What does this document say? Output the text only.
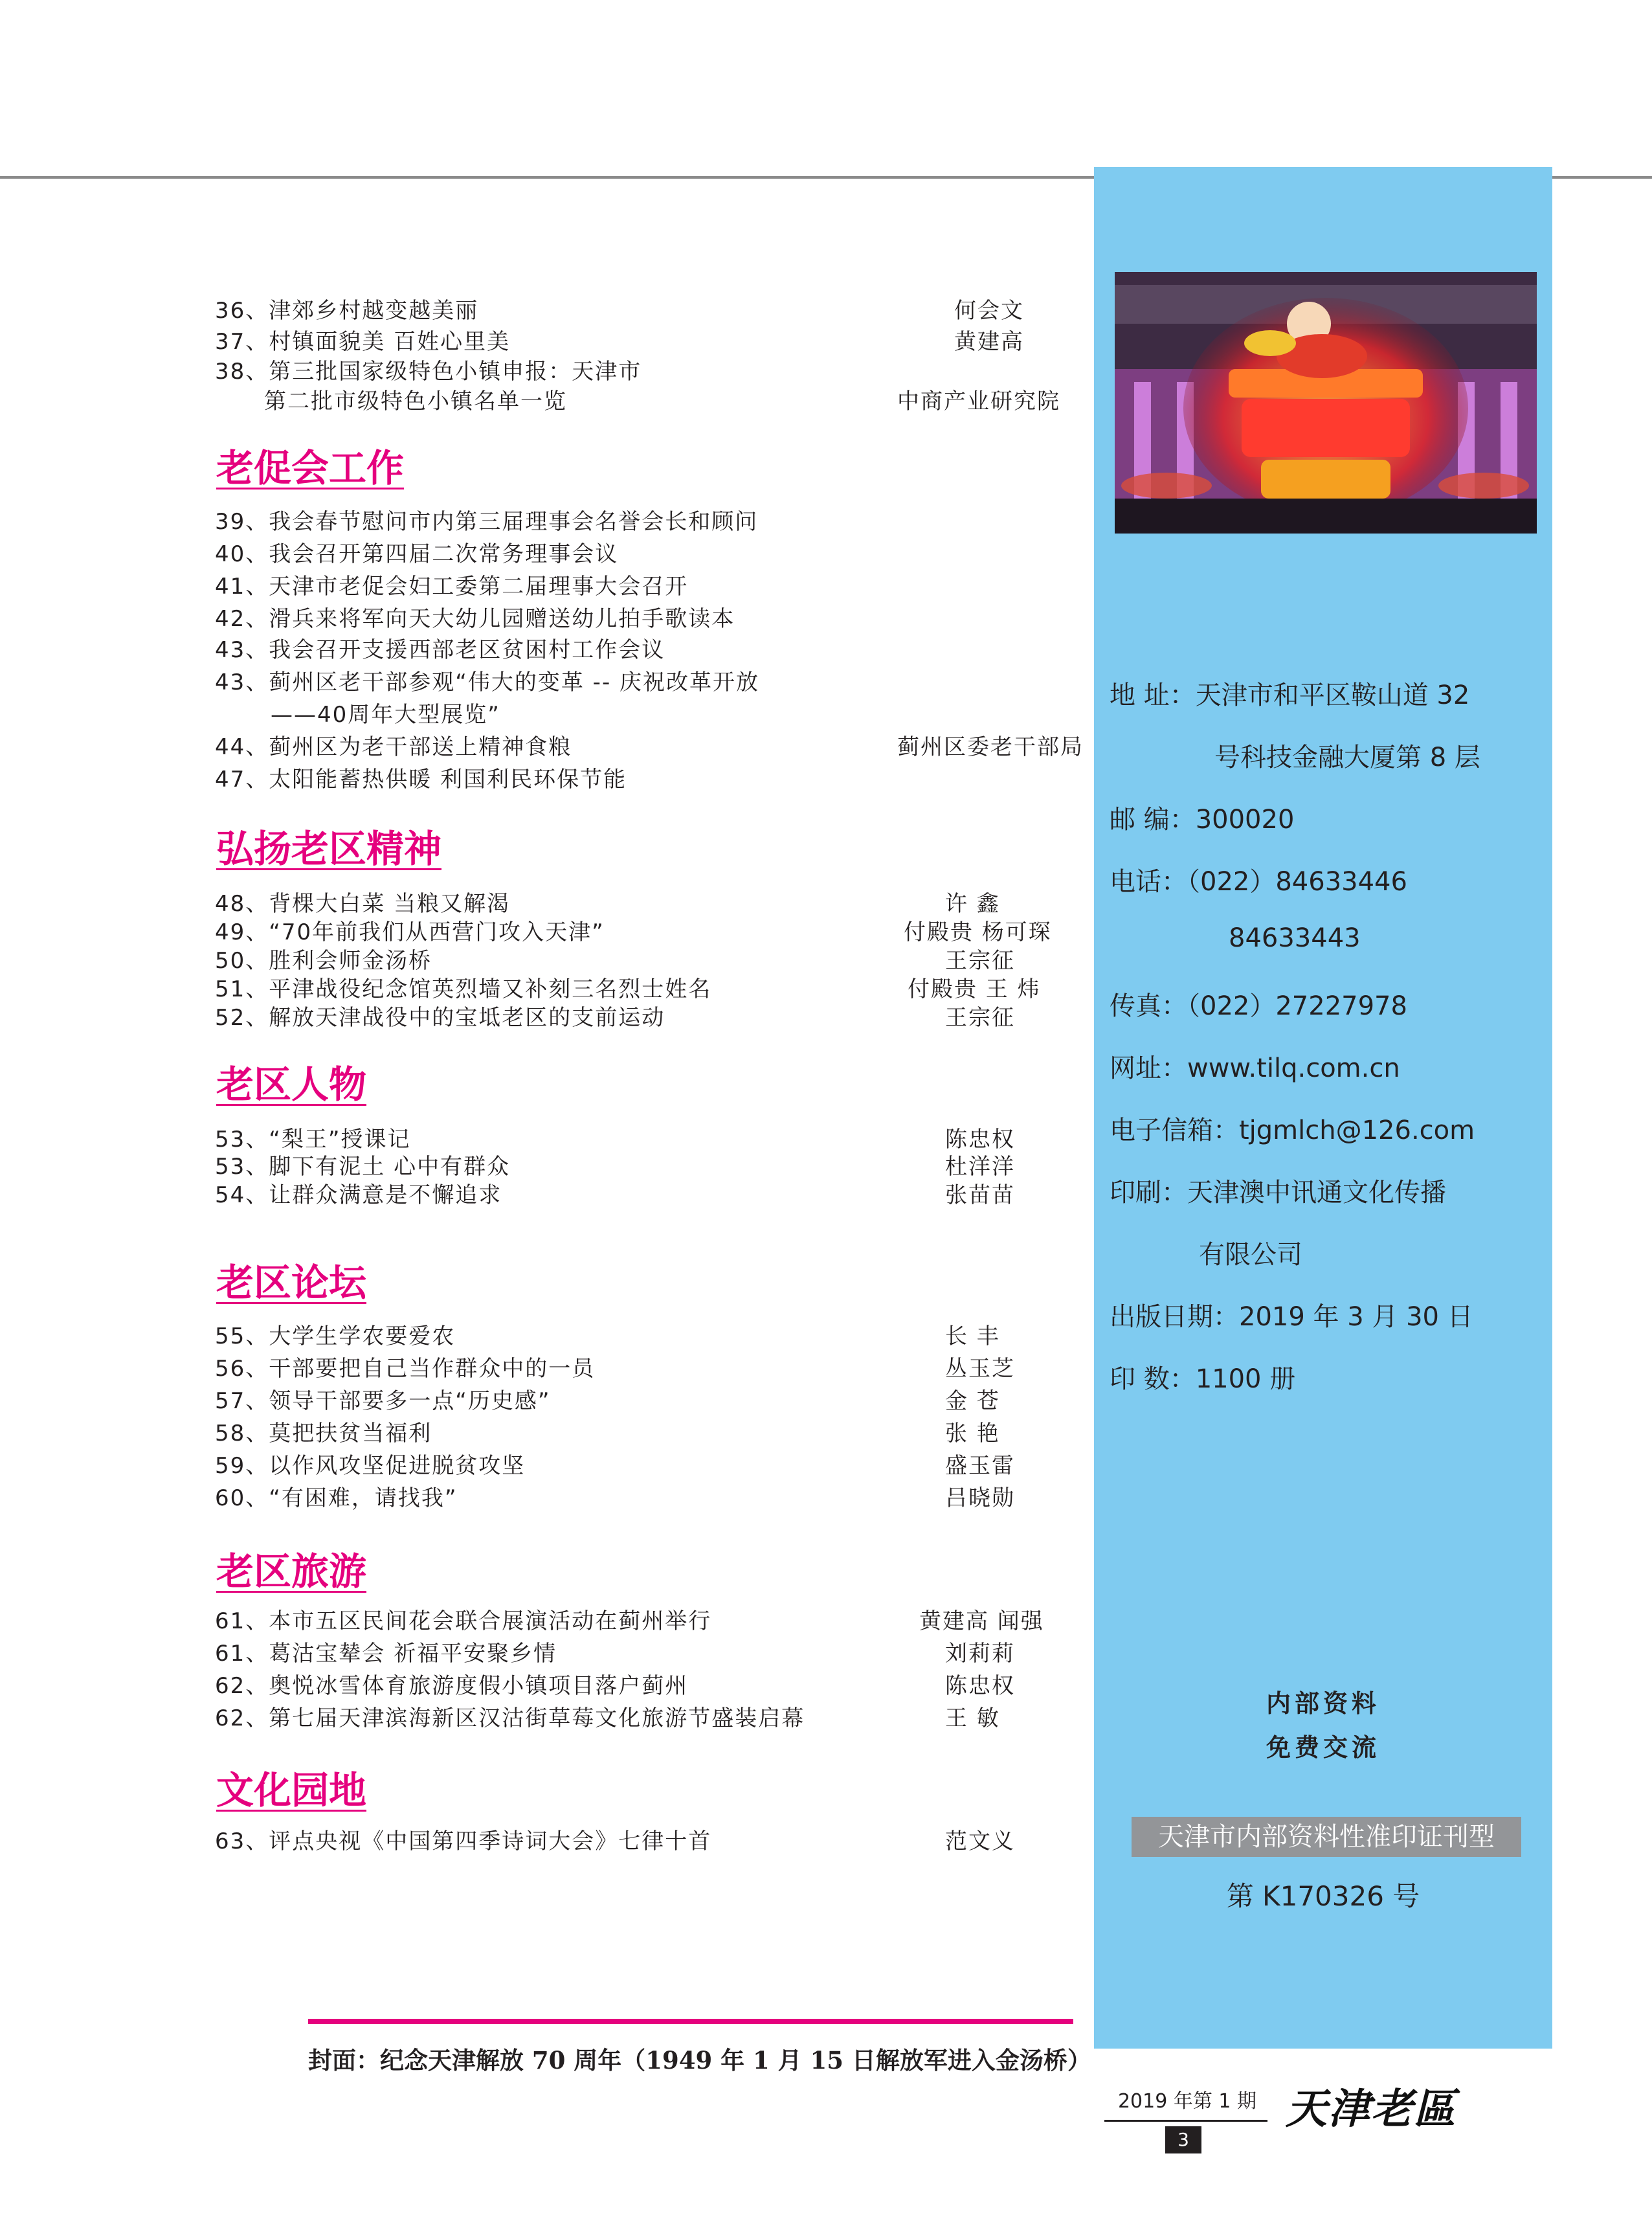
地 址：天津市和平区鞍山道 32
号科技金融大厦第 8 层
邮 编：300020
电话：（022）84633446
84633443
传真：（022）27227978
网址：www.tilq.com.cn
电子信箱：tjgmlch@126.com
印刷：天津澳中讯通文化传播
有限公司
出版日期：2019 年 3 月 30 日
印 数：1100 册
内部资料
免费交流
天津市内部资料性准印证刊型
第 K170326 号
老促会工作
弘扬老区精神
老区人物
老区论坛
老区旅游
文化园地
36、津郊乡村越变越美丽	何会文
37、村镇面貌美 百姓心里美	黄建高
38、第三批国家级特色小镇申报：天津市
第二批市级特色小镇名单一览	中商产业研究院
39、我会春节慰问市内第三届理事会名誉会长和顾问
40、我会召开第四届二次常务理事会议
41、天津市老促会妇工委第二届理事大会召开
42、滑兵来将军向天大幼儿园赠送幼儿拍手歌读本
43、我会召开支援西部老区贫困村工作会议
43、蓟州区老干部参观“伟大的变革 -- 庆祝改革开放
——40周年大型展览”
44、蓟州区为老干部送上精神食粮	蓟州区委老干部局
47、太阳能蓄热供暖 利国利民环保节能
48、背棵大白菜 当粮又解渴	许 鑫
49、“70年前我们从西营门攻入天津”	付殿贵 杨可琛
50、胜利会师金汤桥	王宗征
51、平津战役纪念馆英烈墙又补刻三名烈士姓名	付殿贵 王 炜
52、解放天津战役中的宝坻老区的支前运动	王宗征
53、“梨王”授课记	陈忠权
53、脚下有泥土 心中有群众	杜洋洋
54、让群众满意是不懈追求	张苗苗
55、大学生学农要爱农	长 丰
56、干部要把自己当作群众中的一员	丛玉芝
57、领导干部要多一点“历史感”	金 苍
58、莫把扶贫当福利	张 艳
59、以作风攻坚促进脱贫攻坚	盛玉雷
60、“有困难，请找我”	吕晓勋
61、本市五区民间花会联合展演活动在蓟州举行	黄建高 闻强
61、葛沽宝辇会 祈福平安聚乡情	刘莉莉
62、奥悦冰雪体育旅游度假小镇项目落户蓟州	陈忠权
62、第七届天津滨海新区汉沽街草莓文化旅游节盛装启幕	王 敏
63、评点央视《中国第四季诗词大会》七律十首	范文义
封面：纪念天津解放 70 周年（1949 年 1 月 15 日解放军进入金汤桥）
2019 年第 1 期 天津老區
3
